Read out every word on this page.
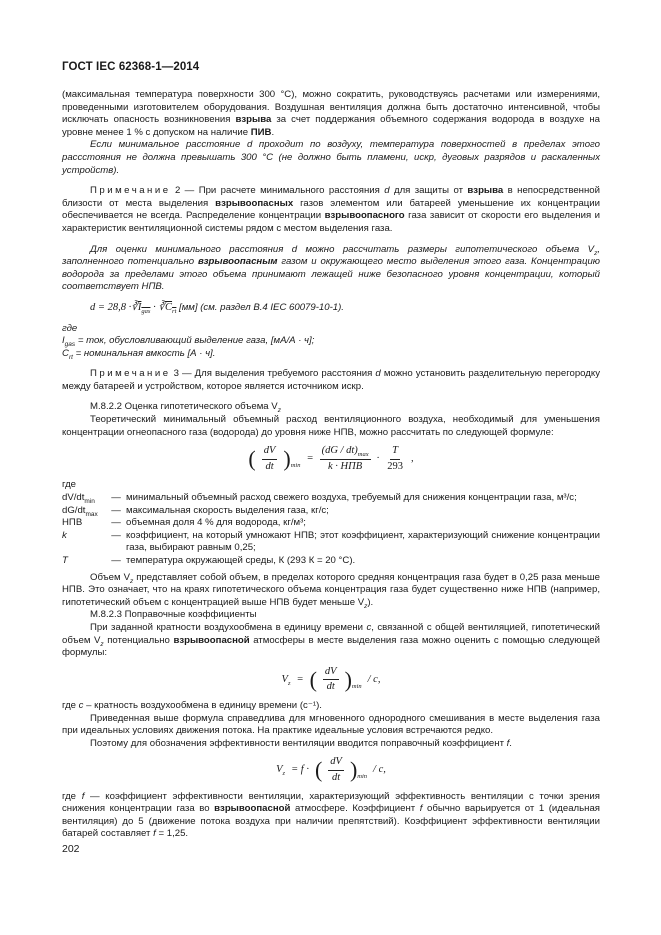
ГОСТ IEC 62368-1—2014

(максимальная температура поверхности 300 °C), можно сократить, руководствуясь расчетами или измерениями, проведенными изготовителем оборудования. Воздушная вентиляция должна быть достаточно интенсивной, чтобы исключать опасность возникновения взрыва за счет поддержания объемного содержания водорода в воздухе на уровне менее 1 % с допуском на наличие ПИВ.

Если минимальное расстояние d проходит по воздуху, температура поверхностей в пределах этого рассстояния не должна превышать 300 °C (не должно быть пламени, искр, дуговых разрядов и раскаленных устройств).

Примечание 2 — При расчете минимального расстояния d для защиты от взрыва в непосредственной близости от места выделения взрывоопасных газов элементом или батареей уменьшение их концентрации обеспечивается не всегда. Распределение концентрации взрывоопасного газа зависит от скорости его выделения и характеристик вентиляционной системы рядом с местом выделения газа.

Для оценки минимального расстояния d можно рассчитать размеры гипотетического объема $V_z$, заполненного потенциально взрывоопасным газом и окружающего место выделения этого газа. Концентрацию водорода за пределами этого объема принимают лежащей ниже безопасного уровня концентрации, который соответствует НПВ.

$d = 28,8 \cdot∛I_{gas}$ · $∛C_{rt}$ [мм] (см. раздел B.4 IEC 60079-10-1).

где

$I_{gas}$ = ток, обусловливающий выделение газа, [мА/А · ч];

$C_{rt}$ = номинальная вмкость [А · ч].

Примечание 3 — Для выделения требуемого расстояния d можно установить разделительную перегородку между батареей и устройством, которое является источником искр.

M.8.2.2 Оценка гипотетического объема $V_z$

Теоретический минимальный объемный расход вентиляционного воздуха, необходимый для уменьшения концентрации огнеопасного газа (водорода) до уровня ниже НПВ, можно рассчитать по следующей формуле:

( $\frac{dV}{dt}$ ) min
= $\frac{(dG / dt)_{max}}{\text{k · НПВ}} \cdot \frac{T}{293}$ ,

где

$dV/dt_{min}$	—	минимальный объемный расход свежего воздуха, требуемый для снижения концентрации газа, м³/с;
$dG/dt_{max}$	—	максимальная скорость выделения газа, кг/с;
НПВ	—	объемная доля 4 % для водорода, кг/м³;
k	—	коэффициент, на который умножают НПВ; этот коэффициент, характеризующий снижение концентрации газа, выбирают равным 0,25;
T	—	температура окружающей среды, К (293 К = 20 °C).

Объем $V_z$ представляет собой объем, в пределах которого средняя концентрация газа будет в 0,25 раза меньше НПВ. Это означает, что на краях гипотетического объема концентрация газа будет существенно ниже НПВ (например, гипотетический объем с концентрацией выше НПВ будет меньше $V_z$).

M.8.2.3 Поправочные коэффициенты

При заданной кратности воздухообмена в единицу времени c, связанной с общей вентиляцией, гипотетический объем $V_z$ потенциально взрывоопасной атмосферы в месте выделения газа можно оценить с помощью следующей формулы:

$V_z$ = ( $\frac{dV}{dt}$ ) min
/ c,

где c – кратность воздухообмена в единицу времени (c⁻¹).

Приведенная выше формула справедлива для мгновенного однородного смешивания в месте выделения газа при идеальных условиях движения потока. На практике идеальные условия встречаются редко.

Поэтому для обозначения эффективности вентиляции вводится поправочный коэффициент f.

$V_z = f$ · ( $\frac{dV}{dt}$ ) min
/ c,

где f — коэффициент эффективности вентиляции, характеризующий эффективность вентиляции с точки зрения снижения концентрации газа во взрывоопасной атмосфере. Коэффициент f обычно варьируется от 1 (идеальная вентиляция) до 5 (движение потока воздуха при наличии препятствий). Коэффициент эффективности вентиляции батарей составляет f = 1,25.

202
